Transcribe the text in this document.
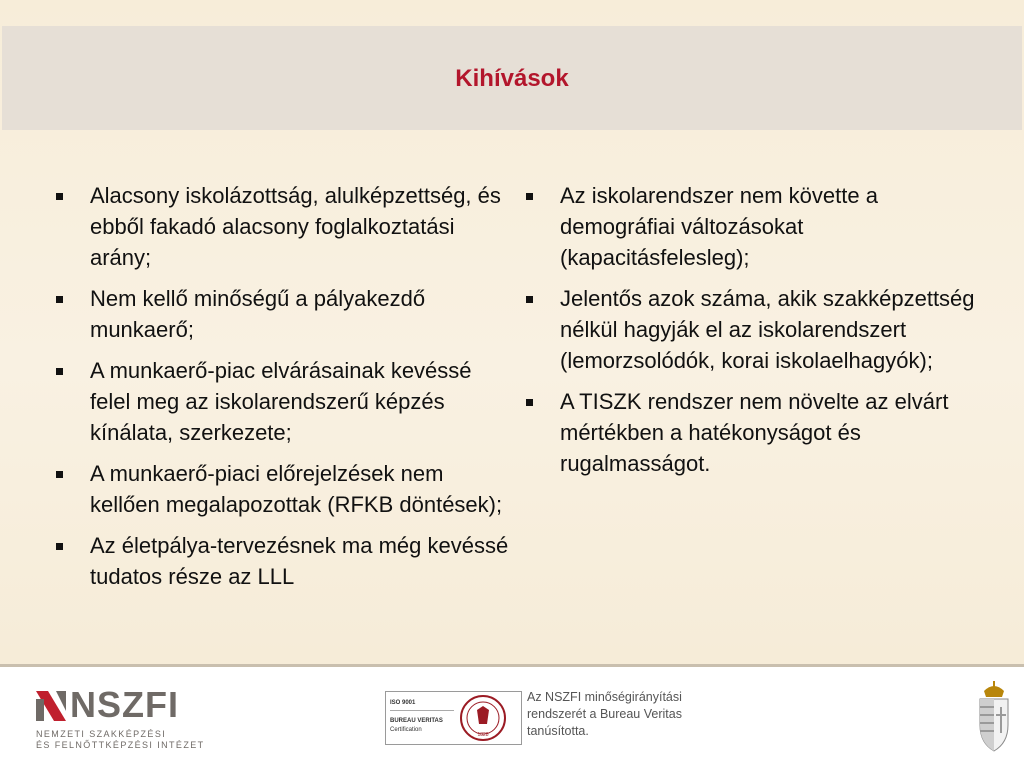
Kihívások
Alacsony iskolázottság, alulképzettség, és ebből fakadó alacsony foglalkoztatási arány;
Nem kellő minőségű a pályakezdő munkaerő;
A munkaerő-piac elvárásainak kevéssé felel meg az iskolarendszerű képzés kínálata, szerkezete;
A munkaerő-piaci előrejelzések nem kellően megalapozottak (RFKB döntések);
Az életpálya-tervezésnek ma még kevéssé tudatos része az LLL
Az iskolarendszer nem követte a demográfiai változásokat (kapacitásfelesleg);
Jelentős azok száma, akik szakképzettség nélkül hagyják el az iskolarendszert (lemorzsolódók, korai iskolaelhagyók);
A TISZK rendszer nem növelte az elvárt mértékben a hatékonyságot és rugalmasságot.
NSZFI
NEMZETI SZAKKÉPZÉSI
ÉS FELNŐTTKÉPZÉSI INTÉZET
ISO 9001
BUREAU VERITAS
Certification
1828
Az NSZFI minőségirányítási
rendszerét a Bureau Veritas
tanúsította.
